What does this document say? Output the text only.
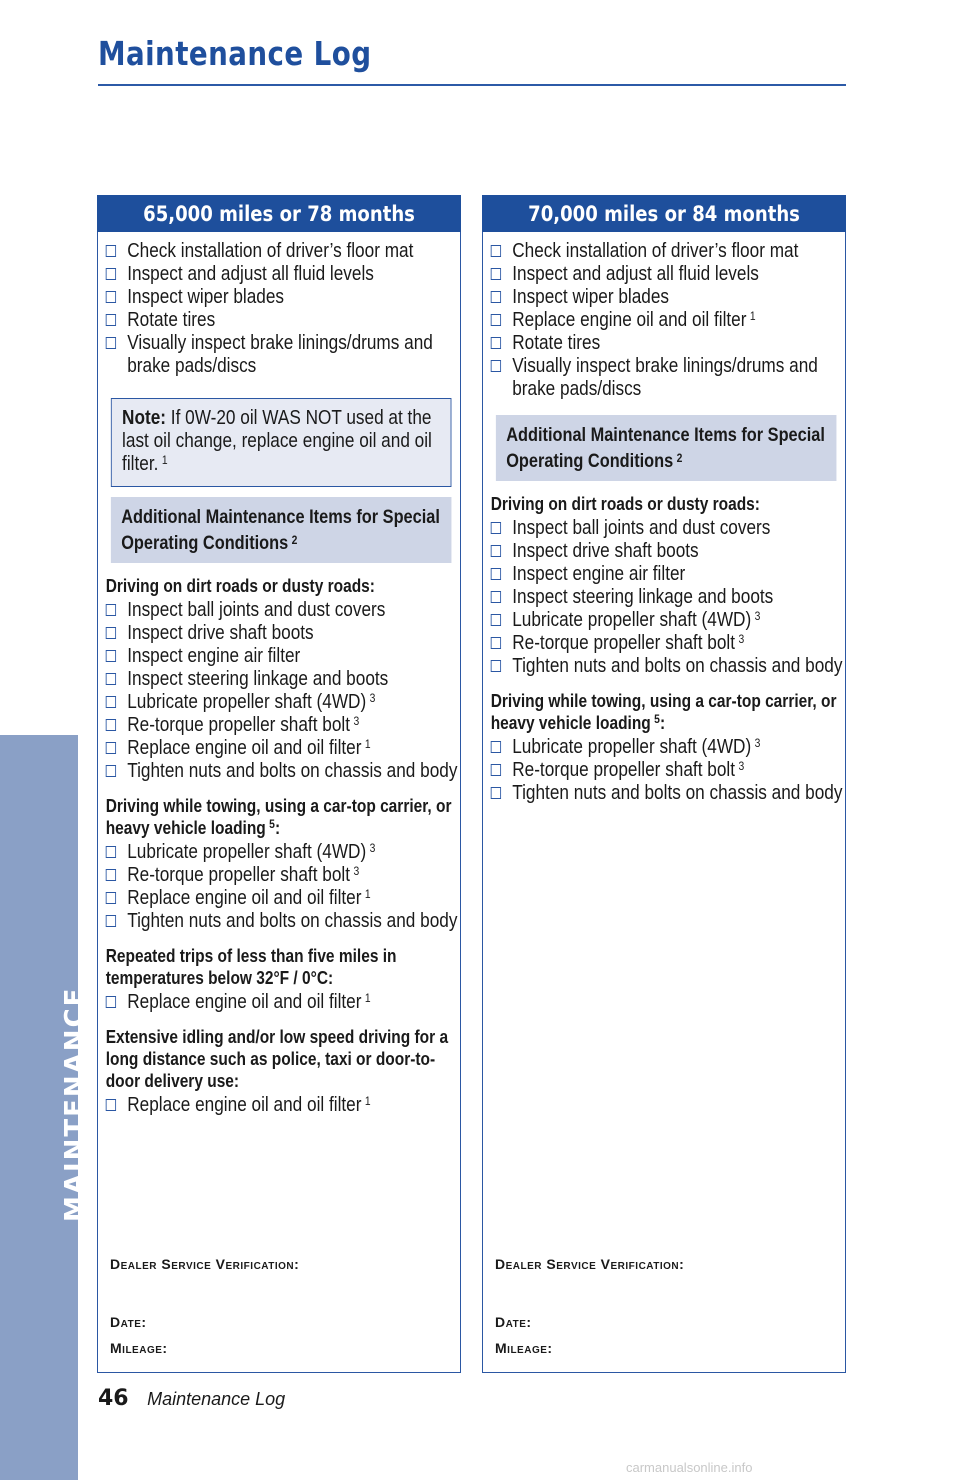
Maintenance Log
MAINTENANCE
65,000 miles or 78 months
Check installation of driver’s floor mat
Inspect and adjust all fluid levels
Inspect wiper blades
Rotate tires
Visually inspect brake linings/drums and brake pads/discs
Note: If 0W-20 oil WAS NOT used at the last oil change, replace engine oil and oil filter. $^1$
Additional Maintenance Items for Special Operating Conditions $^2$
Driving on dirt roads or dusty roads:
Inspect ball joints and dust covers
Inspect drive shaft boots
Inspect engine air filter
Inspect steering linkage and boots
Lubricate propeller shaft (4WD) $^3$
Re-torque propeller shaft bolt $^3$
Replace engine oil and oil filter $^1$
Tighten nuts and bolts on chassis and body
Driving while towing, using a car-top carrier, or heavy vehicle loading $^5$:
Lubricate propeller shaft (4WD) $^3$
Re-torque propeller shaft bolt $^3$
Replace engine oil and oil filter $^1$
Tighten nuts and bolts on chassis and body
Repeated trips of less than five miles in temperatures below 32°F / 0°C:
Replace engine oil and oil filter $^1$
Extensive idling and/or low speed driving for a long distance such as police, taxi or door-to-door delivery use:
Replace engine oil and oil filter $^1$
Dealer Service Verification:
Date:
Mileage:
70,000 miles or 84 months
Check installation of driver’s floor mat
Inspect and adjust all fluid levels
Inspect wiper blades
Replace engine oil and oil filter $^1$
Rotate tires
Visually inspect brake linings/drums and brake pads/discs
Additional Maintenance Items for Special Operating Conditions $^2$
Driving on dirt roads or dusty roads:
Inspect ball joints and dust covers
Inspect drive shaft boots
Inspect engine air filter
Inspect steering linkage and boots
Lubricate propeller shaft (4WD) $^3$
Re-torque propeller shaft bolt $^3$
Tighten nuts and bolts on chassis and body
Driving while towing, using a car-top carrier, or heavy vehicle loading $^5$:
Lubricate propeller shaft (4WD) $^3$
Re-torque propeller shaft bolt $^3$
Tighten nuts and bolts on chassis and body
Dealer Service Verification:
Date:
Mileage:
46 Maintenance Log
carmanualsonline.info
